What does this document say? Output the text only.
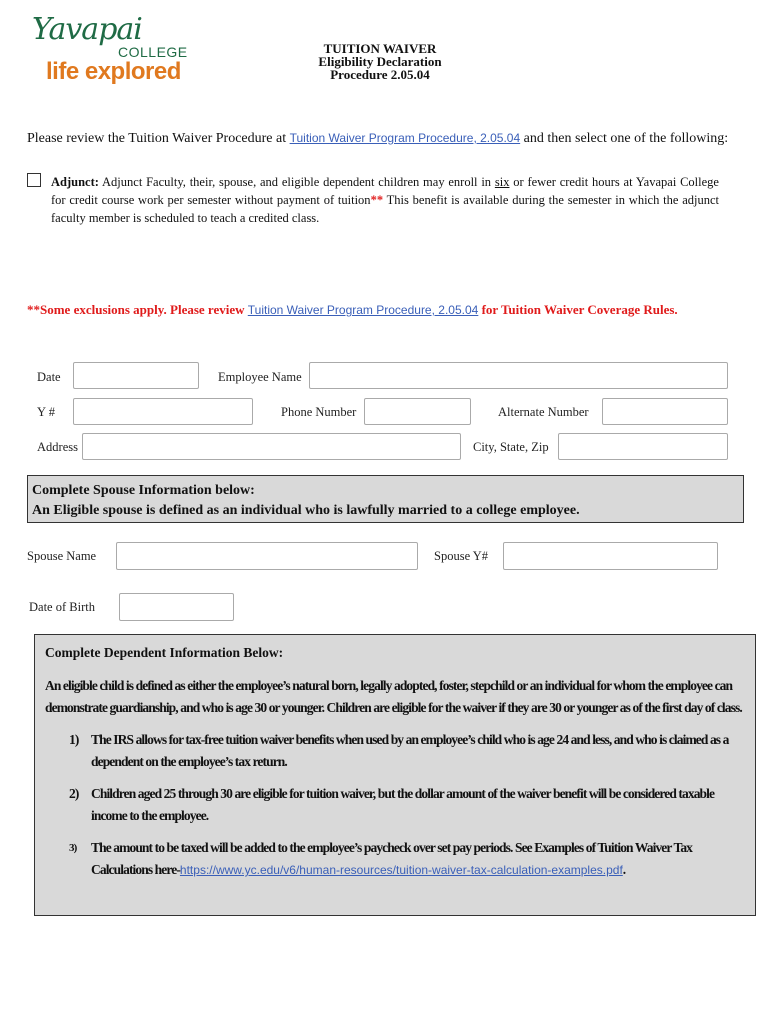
Yavapai
COLLEGE
life explored
TUITION WAIVER
Eligibility Declaration
Procedure 2.05.04
Please review the Tuition Waiver Procedure at Tuition Waiver Program Procedure, 2.05.04 and then select one of the following:
Adjunct: Adjunct Faculty, their, spouse, and eligible dependent children may enroll in six or fewer credit hours at Yavapai College for credit course work per semester without payment of tuition** This benefit is available during the semester in which the adjunct faculty member is scheduled to teach a credited class.
**Some exclusions apply. Please review Tuition Waiver Program Procedure, 2.05.04 for Tuition Waiver Coverage Rules.
Date	Employee Name
Y #	Phone Number	Alternate Number
Address	City, State, Zip
Complete Spouse Information below:
An Eligible spouse is defined as an individual who is lawfully married to a college employee.
Spouse Name	Spouse Y#
Date of Birth
Complete Dependent Information Below:
An eligible child is defined as either the employee’s natural born, legally adopted, foster, stepchild or an individual for whom the employee can demonstrate guardianship, and who is age 30 or younger. Children are eligible for the waiver if they are 30 or younger as of the first day of class.
1) The IRS allows for tax-free tuition waiver benefits when used by an employee’s child who is age 24 and less, and who is claimed as a dependent on the employee’s tax return.
2) Children aged 25 through 30 are eligible for tuition waiver, but the dollar amount of the waiver benefit will be considered taxable income to the employee.
3) The amount to be taxed will be added to the employee’s paycheck over set pay periods. See Examples of Tuition Waiver Tax Calculations here-https://www.yc.edu/v6/human-resources/tuition-waiver-tax-calculation-examples.pdf.
